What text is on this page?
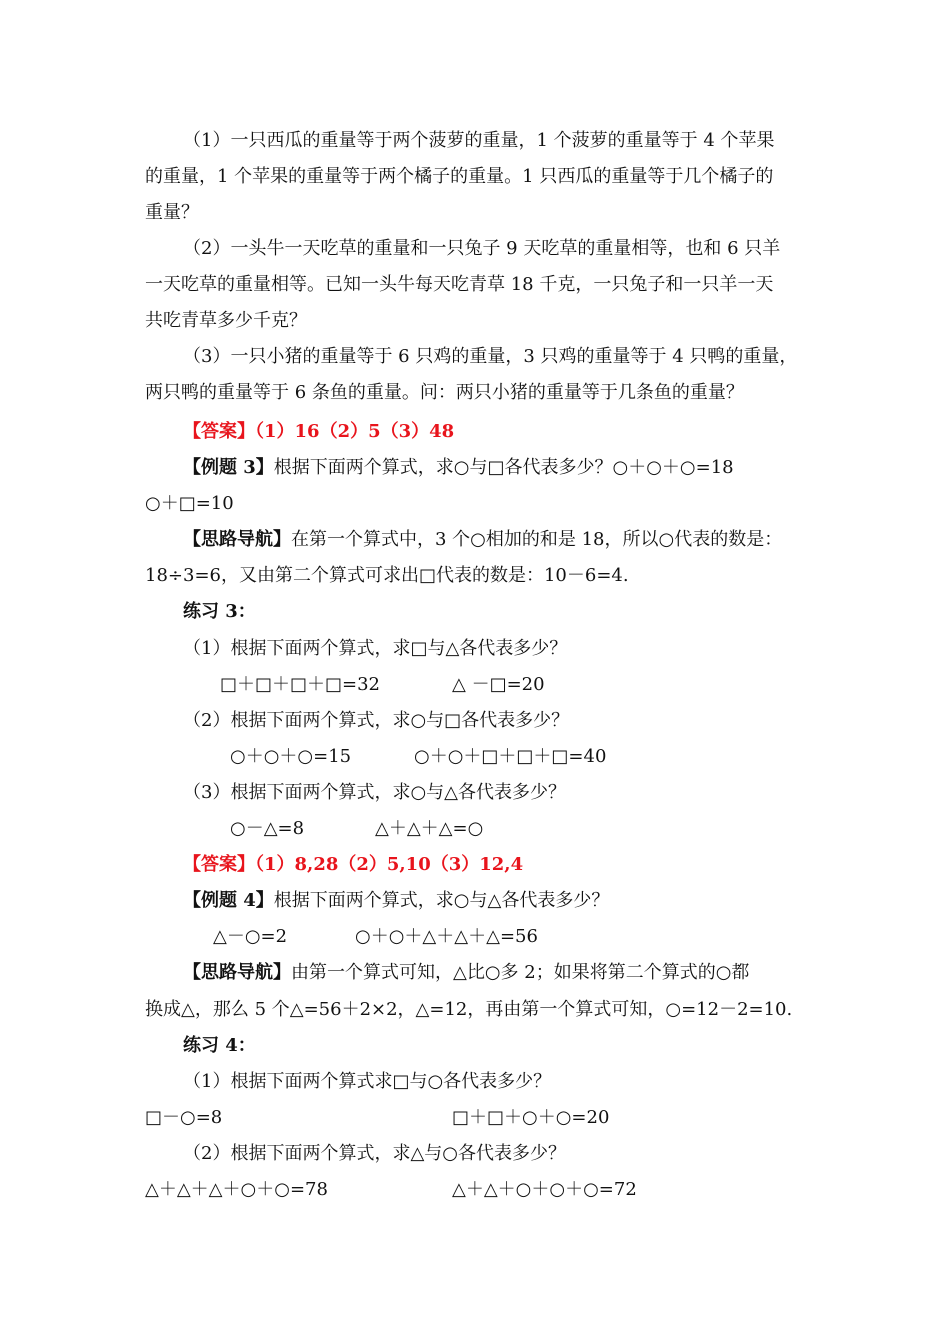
（1）一只西瓜的重量等于两个菠萝的重量，1 个菠萝的重量等于 4 个苹果
的重量，1 个苹果的重量等于两个橘子的重量。1 只西瓜的重量等于几个橘子的
重量？
（2）一头牛一天吃草的重量和一只兔子 9 天吃草的重量相等，也和 6 只羊
一天吃草的重量相等。已知一头牛每天吃青草 18 千克，一只兔子和一只羊一天
共吃青草多少千克？
（3）一只小猪的重量等于 6 只鸡的重量，3 只鸡的重量等于 4 只鸭的重量，
两只鸭的重量等于 6 条鱼的重量。问：两只小猪的重量等于几条鱼的重量？
【答案】（1）16（2）5（3）48
【例题 3】根据下面两个算式，求○与□各代表多少？○＋○＋○=18
○＋□=10
【思路导航】在第一个算式中，3 个○相加的和是 18，所以○代表的数是：
18÷3=6，又由第二个算式可求出□代表的数是：10－6=4.
练习 3：
（1）根据下面两个算式，求□与△各代表多少？
□＋□＋□＋□=32	△ －□=20
（2）根据下面两个算式，求○与□各代表多少？
○＋○＋○=15	○＋○＋□＋□＋□=40
（3）根据下面两个算式，求○与△各代表多少？
○－△=8	△＋△＋△=○
【答案】（1）8,28（2）5,10（3）12,4
【例题 4】根据下面两个算式，求○与△各代表多少？
△－○=2	○＋○＋△＋△＋△=56
【思路导航】由第一个算式可知，△比○多 2；如果将第二个算式的○都
换成△，那么 5 个△=56＋2×2，△=12，再由第一个算式可知，○=12－2=10.
练习 4：
（1）根据下面两个算式求□与○各代表多少？
□－○=8	□＋□＋○＋○=20
（2）根据下面两个算式，求△与○各代表多少？
△＋△＋△＋○＋○=78	△＋△＋○＋○＋○=72
